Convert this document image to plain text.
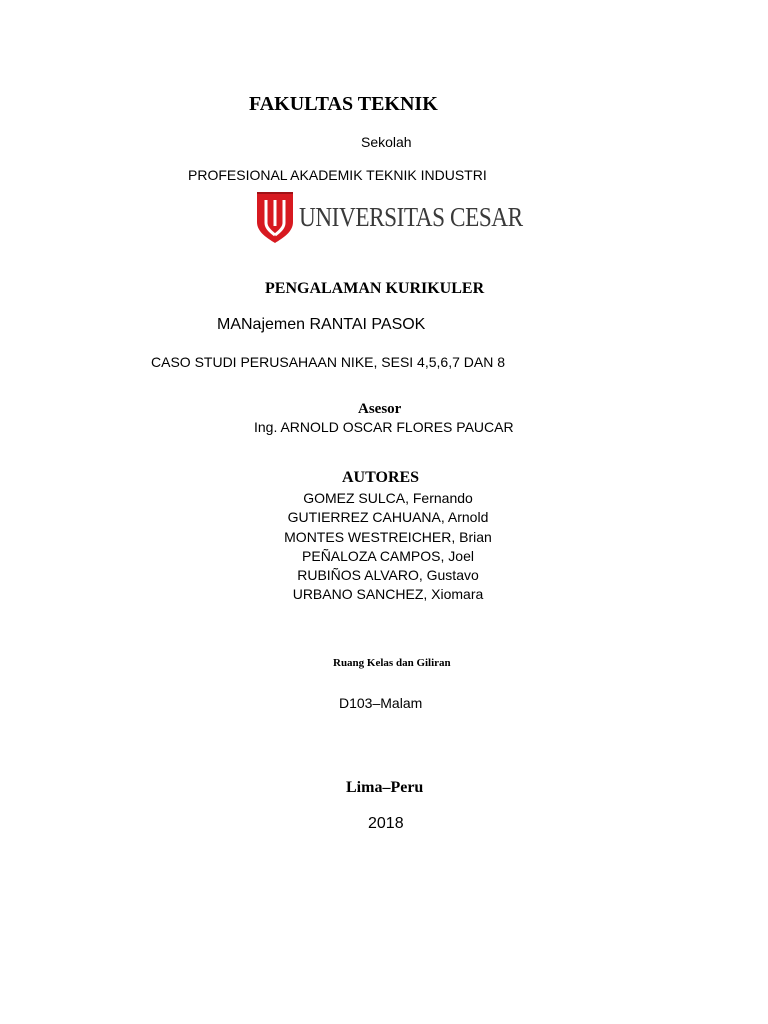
FAKULTAS TEKNIK
Sekolah
PROFESIONAL AKADEMIK TEKNIK INDUSTRI
UNIVERSITAS CESAR
PENGALAMAN KURIKULER
MANajemen RANTAI PASOK
CASO STUDI PERUSAHAAN NIKE, SESI 4,5,6,7 DAN 8
Asesor
Ing. ARNOLD OSCAR FLORES PAUCAR
AUTORES
GOMEZ SULCA, Fernando
GUTIERREZ CAHUANA, Arnold
MONTES WESTREICHER, Brian
PEÑALOZA CAMPOS, Joel
RUBIÑOS ALVARO, Gustavo
URBANO SANCHEZ, Xiomara
Ruang Kelas dan Giliran
D103–Malam
Lima–Peru
2018
